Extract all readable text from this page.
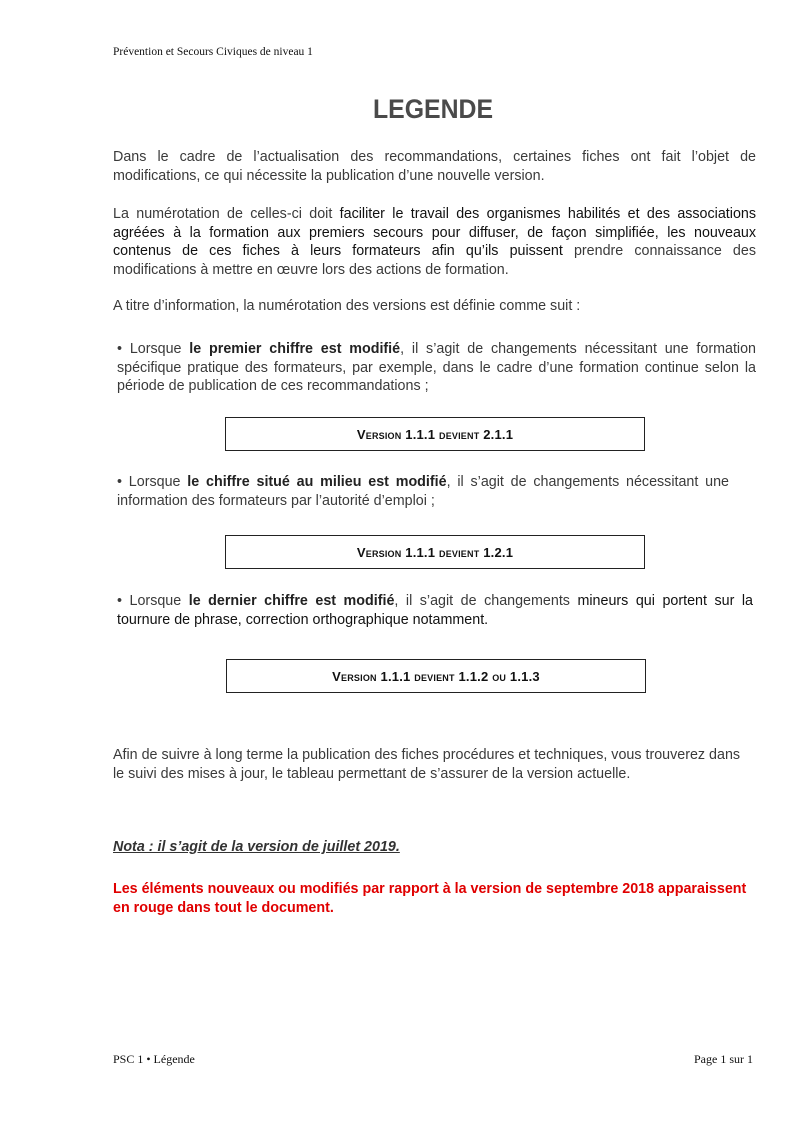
Prévention et Secours Civiques de niveau 1
LEGENDE
Dans le cadre de l’actualisation des recommandations, certaines fiches ont fait l’objet de modifications, ce qui nécessite la publication d’une nouvelle version.
La numérotation de celles-ci doit faciliter le travail des organismes habilités et des associations agréées à la formation aux premiers secours pour diffuser, de façon simplifiée, les nouveaux contenus de ces fiches à leurs formateurs afin qu’ils puissent prendre connaissance des modifications à mettre en œuvre lors des actions de formation.
A titre d’information, la numérotation des versions est définie comme suit :
• Lorsque le premier chiffre est modifié, il s’agit de changements nécessitant une formation spécifique pratique des formateurs, par exemple, dans le cadre d’une formation continue selon la période de publication de ces recommandations ;
Version 1.1.1 devient 2.1.1
• Lorsque le chiffre situé au milieu est modifié, il s’agit de changements nécessitant une information des formateurs par l’autorité d’emploi ;
Version 1.1.1 devient 1.2.1
• Lorsque le dernier chiffre est modifié, il s’agit de changements mineurs qui portent sur la tournure de phrase, correction orthographique notamment.
Version 1.1.1 devient 1.1.2 ou 1.1.3
Afin de suivre à long terme la publication des fiches procédures et techniques, vous trouverez dans le suivi des mises à jour, le tableau permettant de s’assurer de la version actuelle.
Nota : il s’agit de la version de juillet 2019.
Les éléments nouveaux ou modifiés par rapport à la version de septembre 2018 apparaissent en rouge dans tout le document.
PSC 1 • Légende	Page 1 sur 1
